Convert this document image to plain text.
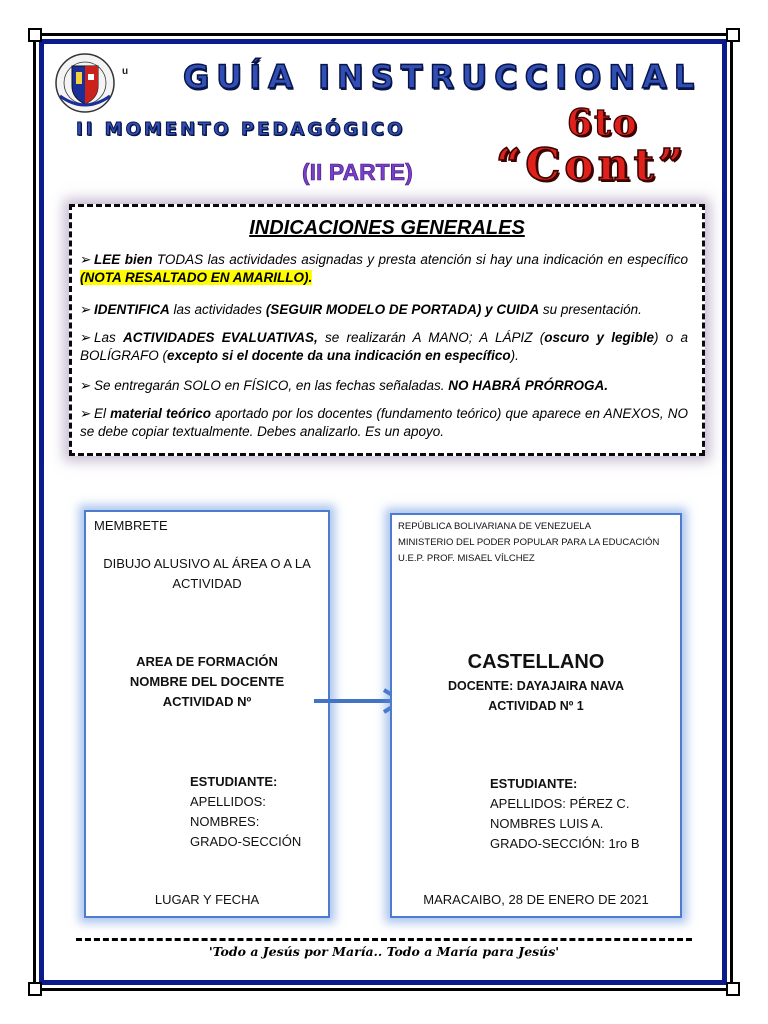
u GUÍA INSTRUCCIONAL
II MOMENTO PEDAGÓGICO
(II PARTE)
6to
“Cont”
INDICACIONES GENERALES
➢ LEE bien TODAS las actividades asignadas y presta atención si hay una indicación en específico (NOTA RESALTADO EN AMARILLO).
➢ IDENTIFICA las actividades (SEGUIR MODELO DE PORTADA) y CUIDA su presentación.
➢ Las ACTIVIDADES EVALUATIVAS, se realizarán A MANO; A LÁPIZ (oscuro y legible) o a BOLÍGRAFO (excepto si el docente da una indicación en específico).
➢ Se entregarán SOLO en FÍSICO, en las fechas señaladas. NO HABRÁ PRÓRROGA.
➢ El material teórico aportado por los docentes (fundamento teórico) que aparece en ANEXOS, NO se debe copiar textualmente. Debes analizarlo. Es un apoyo.
MEMBRETE
DIBUJO ALUSIVO AL ÁREA O A LA
ACTIVIDAD
AREA DE FORMACIÓN
NOMBRE DEL DOCENTE
ACTIVIDAD Nº
ESTUDIANTE:
APELLIDOS:
NOMBRES:
GRADO-SECCIÓN
LUGAR Y FECHA
REPÚBLICA BOLIVARIANA DE VENEZUELA
MINISTERIO DEL PODER POPULAR PARA LA EDUCACIÓN
U.E.P. PROF. MISAEL VÍLCHEZ
CASTELLANO
DOCENTE: DAYAJAIRA NAVA
ACTIVIDAD Nº 1
ESTUDIANTE:
APELLIDOS: PÉREZ C.
NOMBRES LUIS A.
GRADO-SECCIÓN: 1ro B
MARACAIBO, 28 DE ENERO DE 2021
'Todo a Jesús por María.. Todo a María para Jesús'
